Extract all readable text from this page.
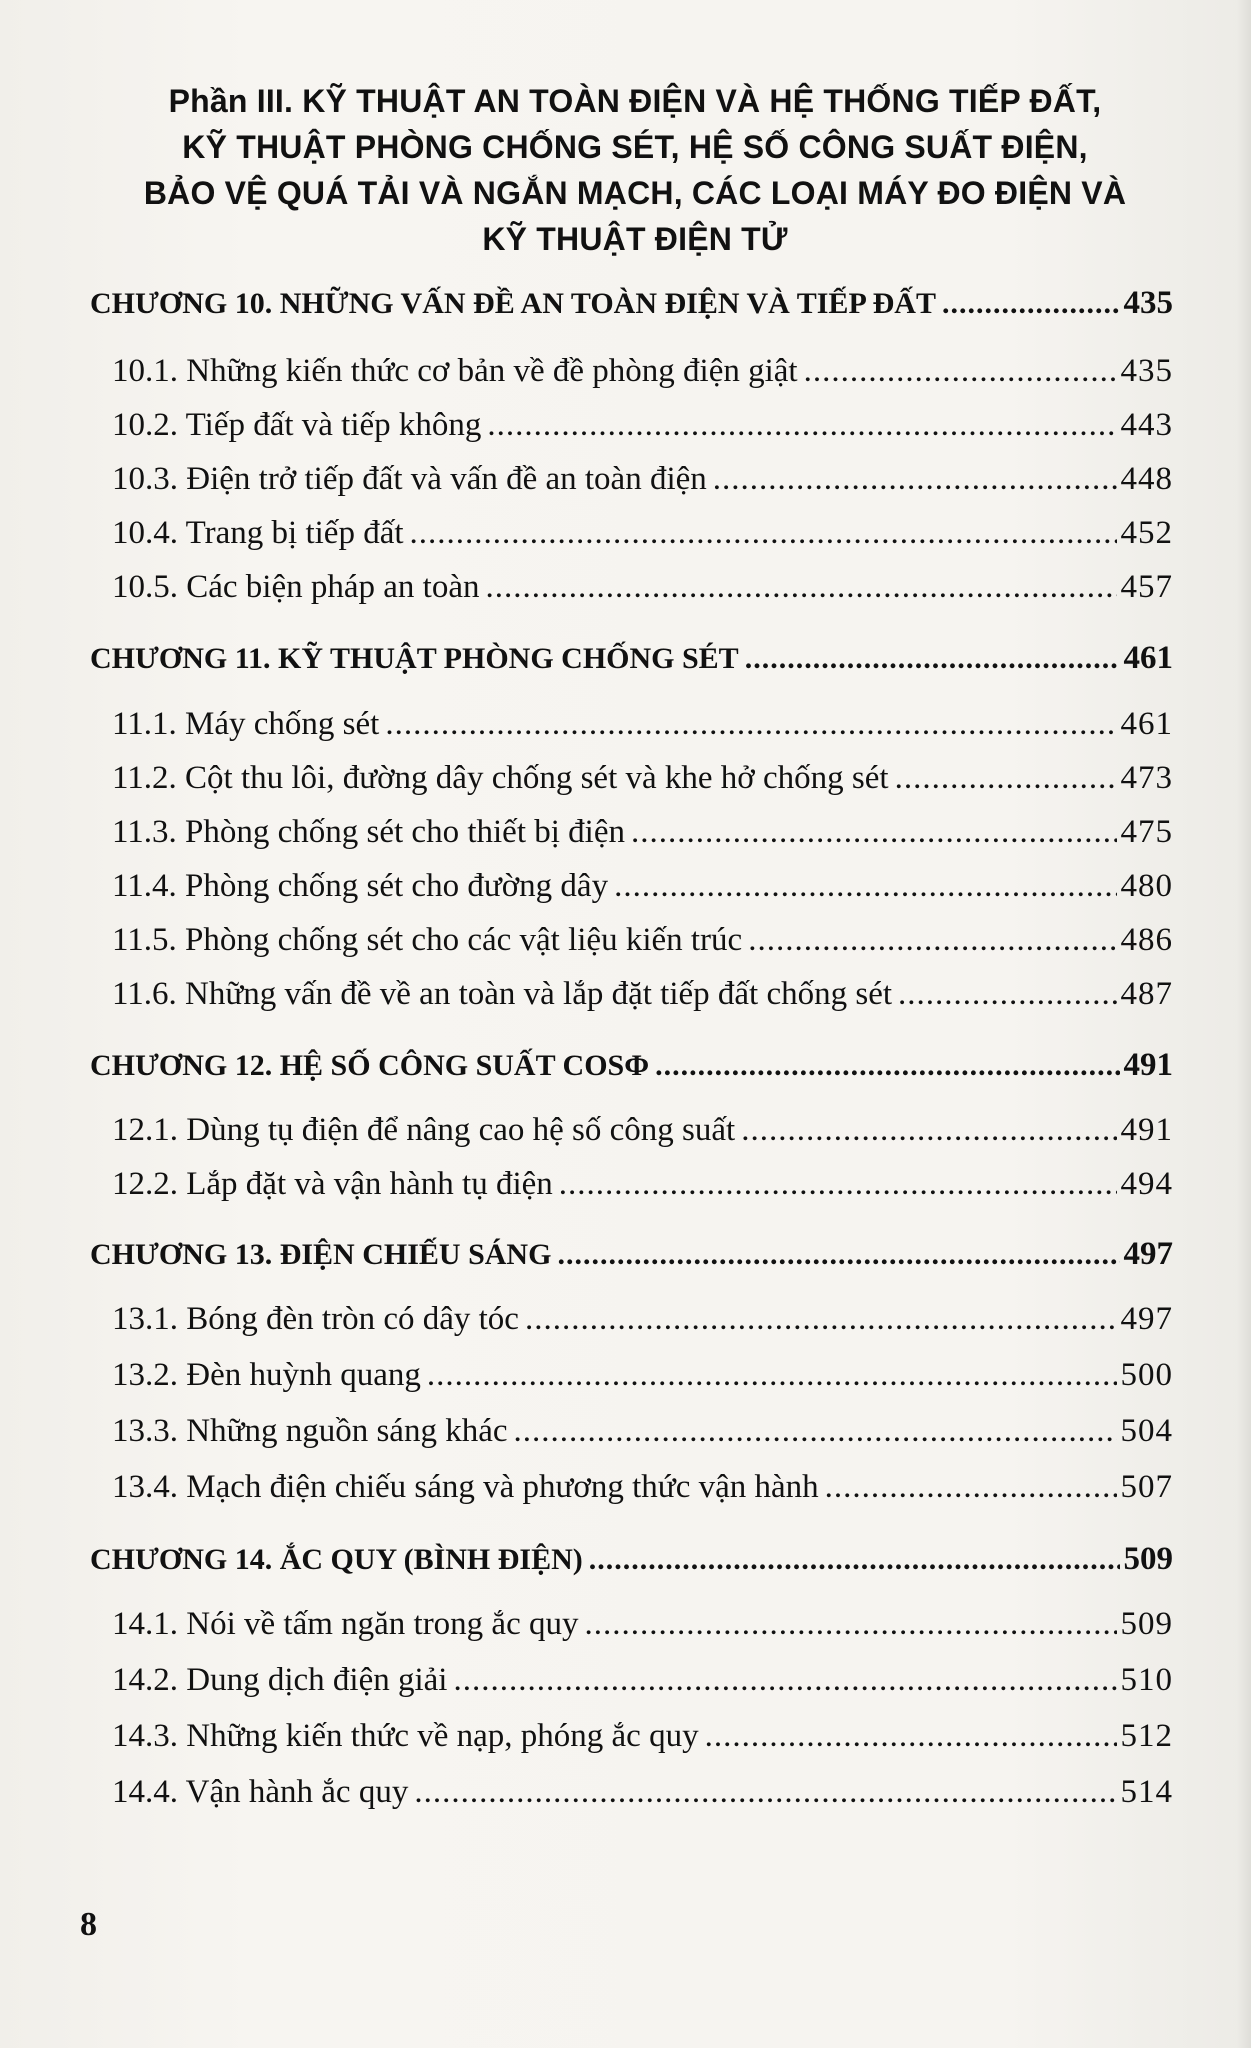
Phần III. KỸ THUẬT AN TOÀN ĐIỆN VÀ HỆ THỐNG TIẾP ĐẤT,
KỸ THUẬT PHÒNG CHỐNG SÉT, HỆ SỐ CÔNG SUẤT ĐIỆN,
BẢO VỆ QUÁ TẢI VÀ NGẮN MẠCH, CÁC LOẠI MÁY ĐO ĐIỆN VÀ
KỸ THUẬT ĐIỆN TỬ
CHƯƠNG 10. NHỮNG VẤN ĐỀ AN TOÀN ĐIỆN VÀ TIẾP ĐẤT .....	435
10.1. Những kiến thức cơ bản về đề phòng điện giật .....	435
10.2. Tiếp đất và tiếp không .....	443
10.3. Điện trở tiếp đất và vấn đề an toàn điện .....	448
10.4. Trang bị tiếp đất .....	452
10.5. Các biện pháp an toàn .....	457
CHƯƠNG 11. KỸ THUẬT PHÒNG CHỐNG SÉT .....	461
11.1. Máy chống sét .....	461
11.2. Cột thu lôi, đường dây chống sét và khe hở chống sét .....	473
11.3. Phòng chống sét cho thiết bị điện .....	475
11.4. Phòng chống sét cho đường dây .....	480
11.5. Phòng chống sét cho các vật liệu kiến trúc .....	486
11.6. Những vấn đề về an toàn và lắp đặt tiếp đất chống sét .....	487
CHƯƠNG 12. HỆ SỐ CÔNG SUẤT COSΦ .....	491
12.1. Dùng tụ điện để nâng cao hệ số công suất .....	491
12.2. Lắp đặt và vận hành tụ điện .....	494
CHƯƠNG 13. ĐIỆN CHIẾU SÁNG .....	497
13.1. Bóng đèn tròn có dây tóc .....	497
13.2. Đèn huỳnh quang .....	500
13.3. Những nguồn sáng khác .....	504
13.4. Mạch điện chiếu sáng và phương thức vận hành .....	507
CHƯƠNG 14. ẮC QUY (BÌNH ĐIỆN) .....	509
14.1. Nói về tấm ngăn trong ắc quy .....	509
14.2. Dung dịch điện giải .....	510
14.3. Những kiến thức về nạp, phóng ắc quy .....	512
14.4. Vận hành ắc quy .....	514
8
